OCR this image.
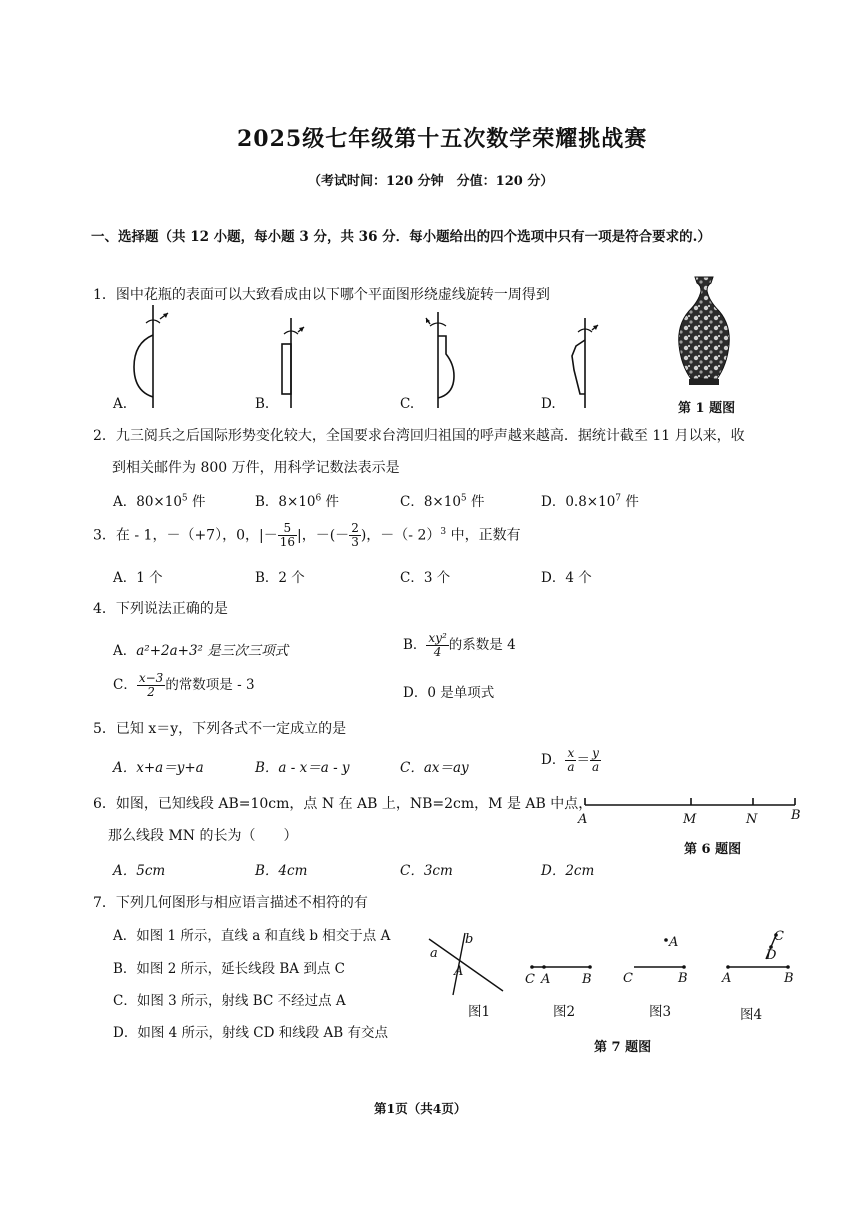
2025级七年级第十五次数学荣耀挑战赛
（考试时间：120 分钟　分值：120 分）
一、选择题（共 12 小题，每小题 3 分，共 36 分．每小题给出的四个选项中只有一项是符合要求的.）
1．图中花瓶的表面可以大致看成由以下哪个平面图形绕虚线旋转一周得到
A.	B.	C.	D.	第 1 题图
2．九三阅兵之后国际形势变化较大，全国要求台湾回归祖国的呼声越来越高．据统计截至 11 月以来，收
到相关邮件为 800 万件，用科学记数法表示是
A．$80\times 10^5$ 件	B．$8\times 10^6$ 件	C．$8\times 10^5$ 件	D．$0.8\times 10^7$ 件
3．在 - 1，－（+7），0，|－ $\frac{5}{16}$ |，－(－ $\frac{2}{3}$ )，－（- 2）$^3$ 中，正数有
A．1 个	B．2 个	C．3 个	D．4 个
4．下列说法正确的是
A．a²+2a+3² 是三次三项式	B． $\frac{\text{xy²}}{4}$ 的系数是 4
C． $\frac{x-3}{2}$ 的常数项是 - 3	D．0 是单项式
5．已知 x＝y，下列各式不一定成立的是
A．x+a＝y+a	B．a - x＝a - y	C．ax＝ay	D． $\frac{x}{a} = \frac{y}{a}$
6．如图，已知线段 AB=10cm，点 N 在 AB 上，NB=2cm，M 是 AB 中点，
那么线段 MN 的长为（　　）
A．5cm	B．4cm	C．3cm	D．2cm
A	M	N	B
第 6 题图
7．下列几何图形与相应语言描述不相符的有
A．如图 1 所示，直线 a 和直线 b 相交于点 A
B．如图 2 所示，延长线段 BA 到点 C
C．如图 3 所示，射线 BC 不经过点 A
D．如图 4 所示，射线 CD 和线段 AB 有交点
a
b
A
C A B
A
C	B
C
D
A	B
图1	图2	图3	图4
第 7 题图
第1页（共4页）
